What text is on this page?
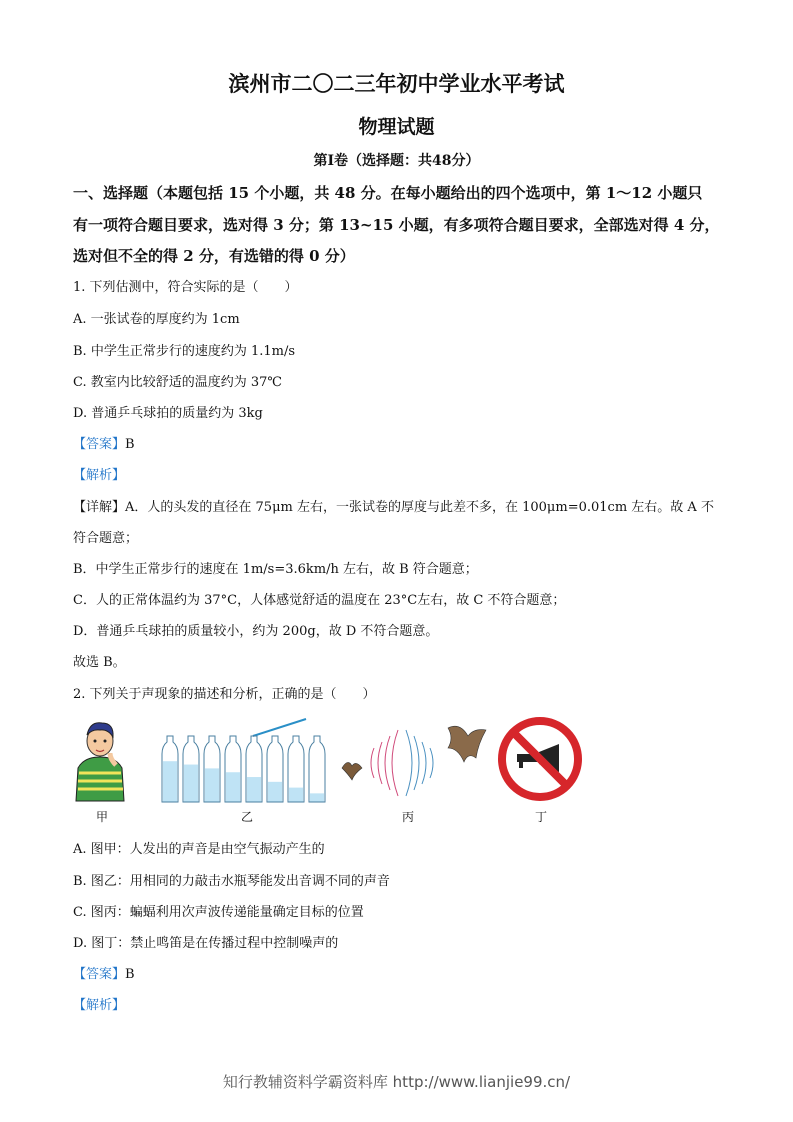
滨州市二〇二三年初中学业水平考试
物理试题
第Ⅰ卷（选择题：共48分）
一、选择题（本题包括 15 个小题，共 48 分。在每小题给出的四个选项中，第 1～12 小题只
有一项符合题目要求，选对得 3 分；第 13~15 小题，有多项符合题目要求，全部选对得 4 分，
选对但不全的得 2 分，有选错的得 0 分）
1. 下列估测中，符合实际的是（　　）
A. 一张试卷的厚度约为 1cm
B. 中学生正常步行的速度约为 1.1m/s
C. 教室内比较舒适的温度约为 37℃
D. 普通乒乓球拍的质量约为 3kg
【答案】B
【解析】
【详解】A．人的头发的直径在 75μm 左右，一张试卷的厚度与此差不多，在 100μm=0.01cm 左右。故 A 不
符合题意；
B．中学生正常步行的速度在 1m/s=3.6km/h 左右，故 B 符合题意；
C．人的正常体温约为 37°C，人体感觉舒适的温度在 23°C左右，故 C 不符合题意；
D．普通乒乓球拍的质量较小，约为 200g，故 D 不符合题意。
故选 B。
2. 下列关于声现象的描述和分析，正确的是（　　）
甲	乙	丙	丁
A. 图甲：人发出的声音是由空气振动产生的
B. 图乙：用相同的力敲击水瓶琴能发出音调不同的声音
C. 图丙：蝙蝠利用次声波传递能量确定目标的位置
D. 图丁：禁止鸣笛是在传播过程中控制噪声的
【答案】B
【解析】
知行教辅资料学霸资料库 http://www.lianjie99.cn/
